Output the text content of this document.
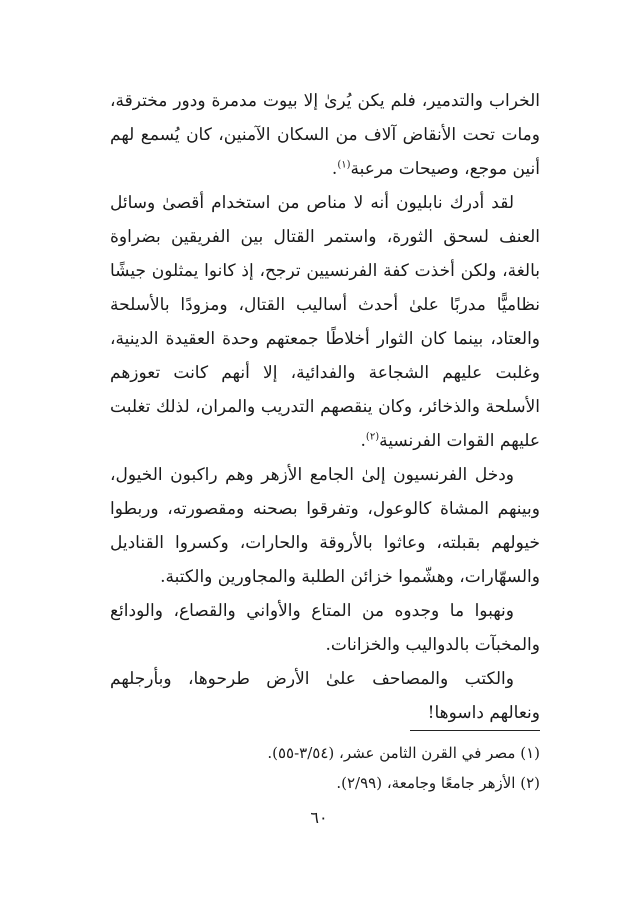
الخراب والتدمير، فلم يكن يُرىٰ إلا بيوت مدمرة ودور مخترقة، ومات تحت الأنقاض آلاف من السكان الآمنين، كان يُسمع لهم أنين موجع، وصيحات مرعبة$^{(١)}$.

لقد أدرك نابليون أنه لا مناص من استخدام أقصىٰ وسائل العنف لسحق الثورة، واستمر القتال بين الفريقين بضراوة بالغة، ولكن أخذت كفة الفرنسيين ترجح، إذ كانوا يمثلون جيشًا نظاميًّا مدربًا علىٰ أحدث أساليب القتال، ومزودًا بالأسلحة والعتاد، بينما كان الثوار أخلاطًا جمعتهم وحدة العقيدة الدينية، وغلبت عليهم الشجاعة والفدائية، إلا أنهم كانت تعوزهم الأسلحة والذخائر، وكان ينقصهم التدريب والمران، لذلك تغلبت عليهم القوات الفرنسية$^{(٢)}$.

ودخل الفرنسيون إلىٰ الجامع الأزهر وهم راكبون الخيول، وبينهم المشاة كالوعول، وتفرقوا بصحنه ومقصورته، وربطوا خيولهم بقبلته، وعاثوا بالأروقة والحارات، وكسروا القناديل والسهّارات، وهشّموا خزائن الطلبة والمجاورين والكتبة.

ونهبوا ما وجدوه من المتاع والأواني والقصاع، والودائع والمخبآت بالدواليب والخزانات.

والكتب والمصاحف علىٰ الأرض طرحوها، وبأرجلهم ونعالهم داسوها!

(١) مصر في القرن الثامن عشر، (٣/٥٤-٥٥).

(٢) الأزهر جامعًا وجامعة، (٢/٩٩).

٦٠
